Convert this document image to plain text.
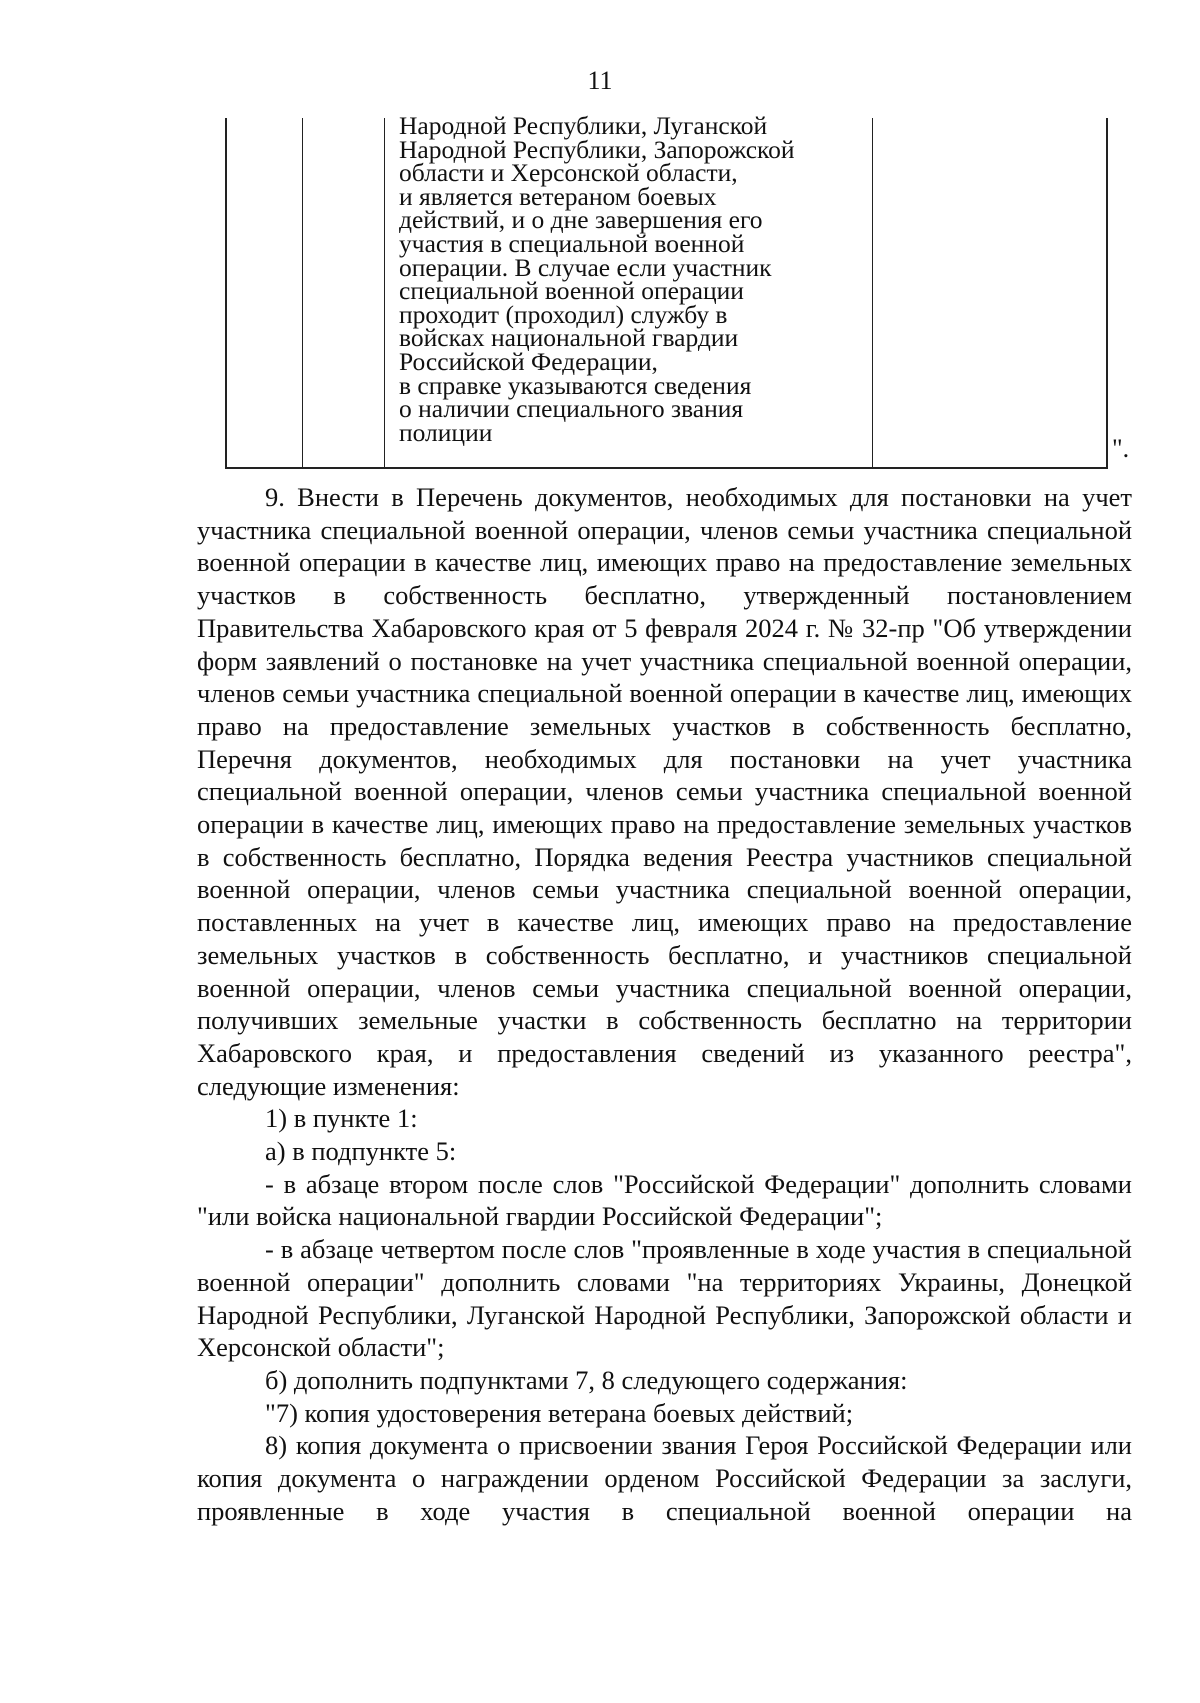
11
Народной Республики, Луганской
Народной Республики, Запорожской
области и Херсонской области,
и является ветераном боевых
действий, и о дне завершения его
участия в специальной военной
операции. В случае если участник
специальной военной операции
проходит (проходил) службу в
войсках национальной гвардии
Российской Федерации,
в справке указываются сведения
о наличии специального звания
полиции
".

9. Внести в Перечень документов, необходимых для постановки на учет участника специальной военной операции, членов семьи участника специальной военной операции в качестве лиц, имеющих право на предоставление земельных участков в собственность бесплатно, утвержденный постановлением Правительства Хабаровского края от 5 февраля 2024 г. № 32-пр "Об утверждении форм заявлений о постановке на учет участника специальной военной операции, членов семьи участника специальной военной операции в качестве лиц, имеющих право на предоставление земельных участков в собственность бесплатно, Перечня документов, необходимых для постановки на учет участника специальной военной операции, членов семьи участника специальной военной операции в качестве лиц, имеющих право на предоставление земельных участков в собственность бесплатно, Порядка ведения Реестра участников специальной военной операции, членов семьи участника специальной военной операции, поставленных на учет в качестве лиц, имеющих право на предоставление земельных участков в собственность бесплатно, и участников специальной военной операции, членов семьи участника специальной военной операции, получивших земельные участки в собственность бесплатно на территории Хабаровского края, и предоставления сведений из указанного реестра", следующие изменения:

1) в пункте 1:

а) в подпункте 5:

- в абзаце втором после слов "Российской Федерации" дополнить словами "или войска национальной гвардии Российской Федерации";

- в абзаце четвертом после слов "проявленные в ходе участия в специальной военной операции" дополнить словами "на территориях Украины, Донецкой Народной Республики, Луганской Народной Республики, Запорожской области и Херсонской области";

б) дополнить подпунктами 7, 8 следующего содержания:

"7) копия удостоверения ветерана боевых действий;

8) копия документа о присвоении звания Героя Российской Федерации или копия документа о награждении орденом Российской Федерации за заслуги, проявленные в ходе участия в специальной военной операции на
